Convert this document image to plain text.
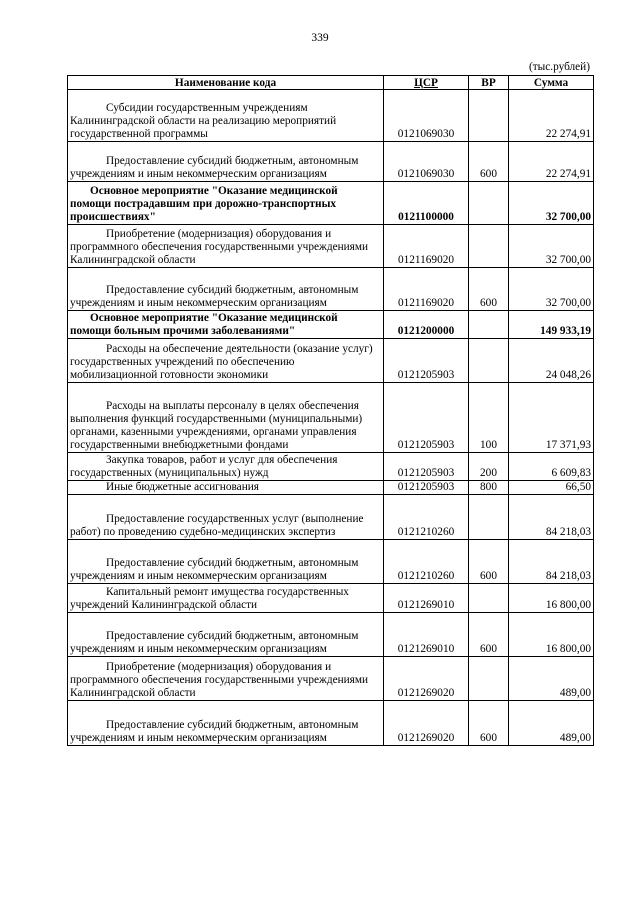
339
(тыс.рублей)
Наименование кода	ЦСР	ВР	Сумма

Субсидии государственным учреждениям Калининградской области на реализацию мероприятий государственной программы	0121069030		22 274,91

Предоставление субсидий бюджетным, автономным учреждениям и иным некоммерческим организациям	0121069030	600	22 274,91

Основное мероприятие "Оказание медицинской помощи пострадавшим при дорожно-транспортных происшествиях"	0121100000		32 700,00

Приобретение (модернизация) оборудования и программного обеспечения государственными учреждениями Калининградской области	0121169020		32 700,00

Предоставление субсидий бюджетным, автономным учреждениям и иным некоммерческим организациям	0121169020	600	32 700,00

Основное мероприятие "Оказание медицинской помощи больным прочими заболеваниями"	0121200000		149 933,19

Расходы на обеспечение деятельности (оказание услуг) государственных учреждений по обеспечению мобилизационной готовности экономики	0121205903		24 048,26

Расходы на выплаты персоналу в целях обеспечения выполнения функций государственными (муниципальными) органами, казенными учреждениями, органами управления государственными внебюджетными фондами	0121205903	100	17 371,93

Закупка товаров, работ и услуг для обеспечения государственных (муниципальных) нужд	0121205903	200	6 609,83

Иные бюджетные ассигнования	0121205903	800	66,50

Предоставление государственных услуг (выполнение работ) по проведению судебно-медицинских экспертиз	0121210260		84 218,03

Предоставление субсидий бюджетным, автономным учреждениям и иным некоммерческим организациям	0121210260	600	84 218,03

Капитальный ремонт имущества государственных учреждений Калининградской области	0121269010		16 800,00

Предоставление субсидий бюджетным, автономным учреждениям и иным некоммерческим организациям	0121269010	600	16 800,00

Приобретение (модернизация) оборудования и программного обеспечения государственными учреждениями Калининградской области	0121269020		489,00

Предоставление субсидий бюджетным, автономным учреждениям и иным некоммерческим организациям	0121269020	600	489,00
